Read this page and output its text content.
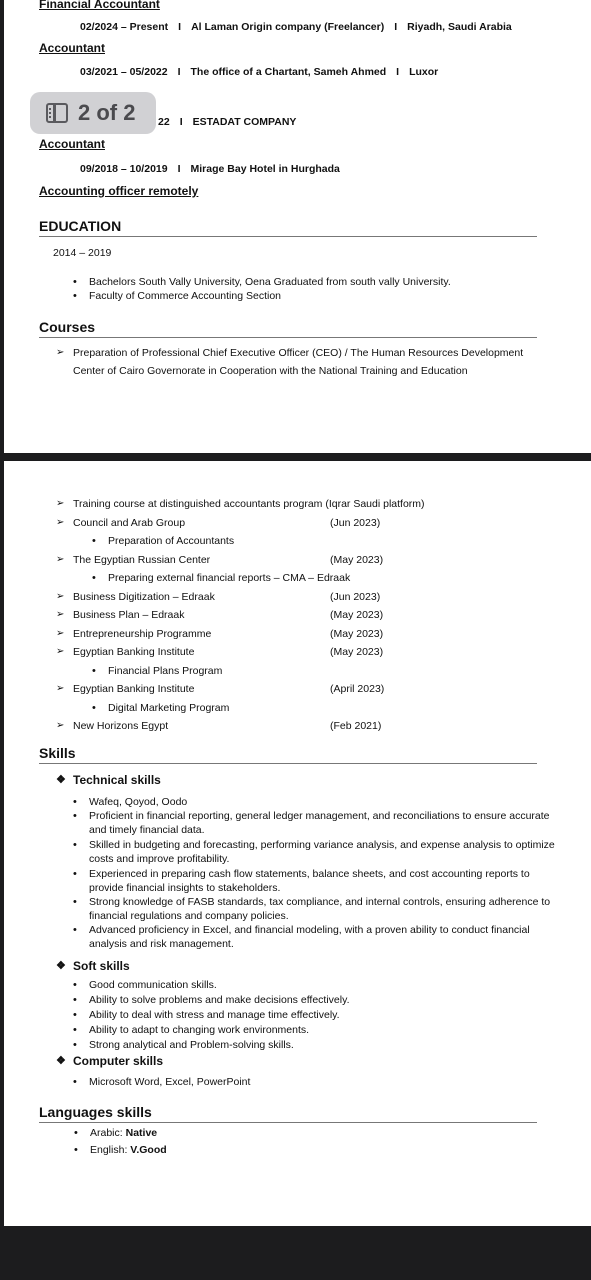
Financial Accountant
02/2024 – Present I Al Laman Origin company (Freelancer) I Riyadh, Saudi Arabia
Accountant
03/2021 – 05/2022 I The office of a Chartant, Sameh Ahmed I Luxor
22 I ESTADAT COMPANY
Accountant
09/2018 – 10/2019 I Mirage Bay Hotel in Hurghada
Accounting officer remotely
EDUCATION
2014 – 2019
• Bachelors South Vally University, Oena Graduated from south vally University.
• Faculty of Commerce Accounting Section
Courses
➢ Preparation of Professional Chief Executive Officer (CEO) / The Human Resources Development
Center of Cairo Governorate in Cooperation with the National Training and Education
2 of 2
➢ Training course at distinguished accountants program (Iqrar Saudi platform)
➢ Council and Arab Group	(Jun 2023)
• Preparation of Accountants
➢ The Egyptian Russian Center	(May 2023)
• Preparing external financial reports – CMA – Edraak
➢ Business Digitization – Edraak	(Jun 2023)
➢ Business Plan – Edraak	(May 2023)
➢ Entrepreneurship Programme	(May 2023)
➢ Egyptian Banking Institute	(May 2023)
• Financial Plans Program
➢ Egyptian Banking Institute	(April 2023)
• Digital Marketing Program
➢ New Horizons Egypt	(Feb 2021)
Skills
❖ Technical skills
• Wafeq, Qoyod, Oodo
• Proficient in financial reporting, general ledger management, and reconciliations to ensure accurate and timely financial data.
• Skilled in budgeting and forecasting, performing variance analysis, and expense analysis to optimize costs and improve profitability.
• Experienced in preparing cash flow statements, balance sheets, and cost accounting reports to provide financial insights to stakeholders.
• Strong knowledge of FASB standards, tax compliance, and internal controls, ensuring adherence to financial regulations and company policies.
• Advanced proficiency in Excel, and financial modeling, with a proven ability to conduct financial analysis and risk management.
❖ Soft skills
• Good communication skills.
• Ability to solve problems and make decisions effectively.
• Ability to deal with stress and manage time effectively.
• Ability to adapt to changing work environments.
• Strong analytical and Problem-solving skills.
❖ Computer skills
• Microsoft Word, Excel, PowerPoint
Languages skills
• Arabic: Native
• English: V.Good
